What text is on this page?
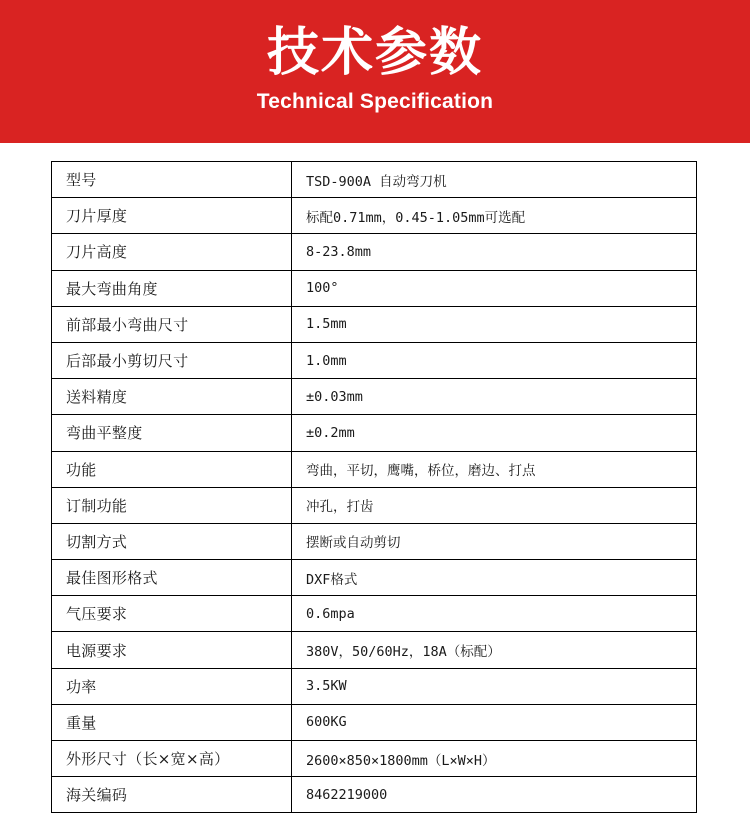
技术参数
Technical Specification
型号	TSD-900A 自动弯刀机
刀片厚度	标配0.71mm，0.45-1.05mm可选配
刀片高度	8-23.8mm
最大弯曲角度	100°
前部最小弯曲尺寸	1.5mm
后部最小剪切尺寸	1.0mm
送料精度	±0.03mm
弯曲平整度	±0.2mm
功能	弯曲，平切，鹰嘴，桥位，磨边、打点
订制功能	冲孔，打齿
切割方式	摆断或自动剪切
最佳图形格式	DXF格式
气压要求	0.6mpa
电源要求	380V，50/60Hz，18A（标配）
功率	3.5KW
重量	600KG
外形尺寸（长×宽×高）	2600×850×1800mm（L×W×H）
海关编码	8462219000
